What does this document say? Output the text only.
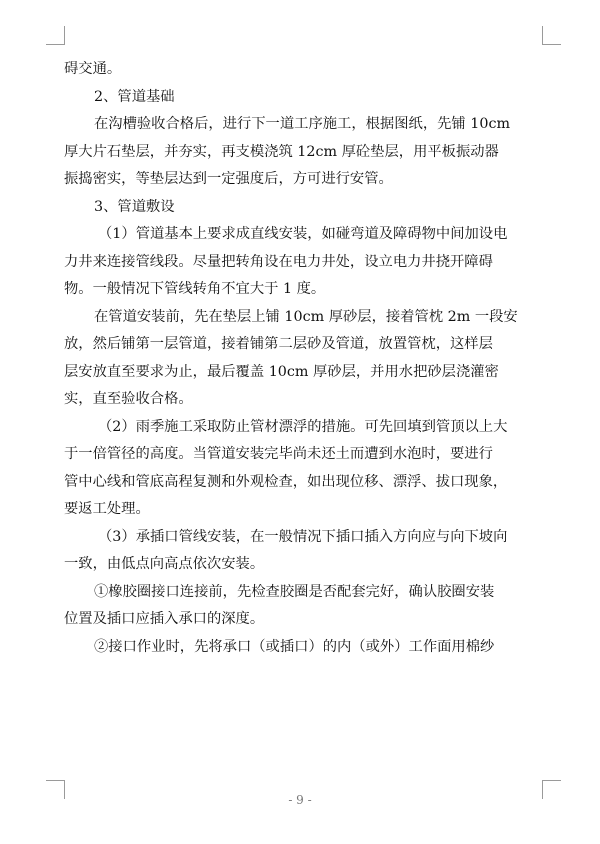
碍交通。
2、管道基础
在沟槽验收合格后，进行下一道工序施工，根据图纸，先铺 10cm
厚大片石垫层，并夯实，再支模浇筑 12cm 厚砼垫层，用平板振动器
振捣密实，等垫层达到一定强度后，方可进行安管。
3、管道敷设
（1）管道基本上要求成直线安装，如碰弯道及障碍物中间加设电
力井来连接管线段。尽量把转角设在电力井处，设立电力井挠开障碍
物。一般情况下管线转角不宜大于 1 度。
在管道安装前，先在垫层上铺 10cm 厚砂层，接着管枕 2m 一段安
放，然后铺第一层管道，接着铺第二层砂及管道，放置管枕，这样层
层安放直至要求为止，最后覆盖 10cm 厚砂层，并用水把砂层浇灌密
实，直至验收合格。
（2）雨季施工采取防止管材漂浮的措施。可先回填到管顶以上大
于一倍管径的高度。当管道安装完毕尚未还土而遭到水泡时，要进行
管中心线和管底高程复测和外观检查，如出现位移、漂浮、拔口现象，
要返工处理。
（3）承插口管线安装，在一般情况下插口插入方向应与向下坡向
一致，由低点向高点依次安装。
①橡胶圈接口连接前，先检查胶圈是否配套完好，确认胶圈安装
位置及插口应插入承口的深度。
②接口作业时，先将承口（或插口）的内（或外）工作面用棉纱
- 9 -
